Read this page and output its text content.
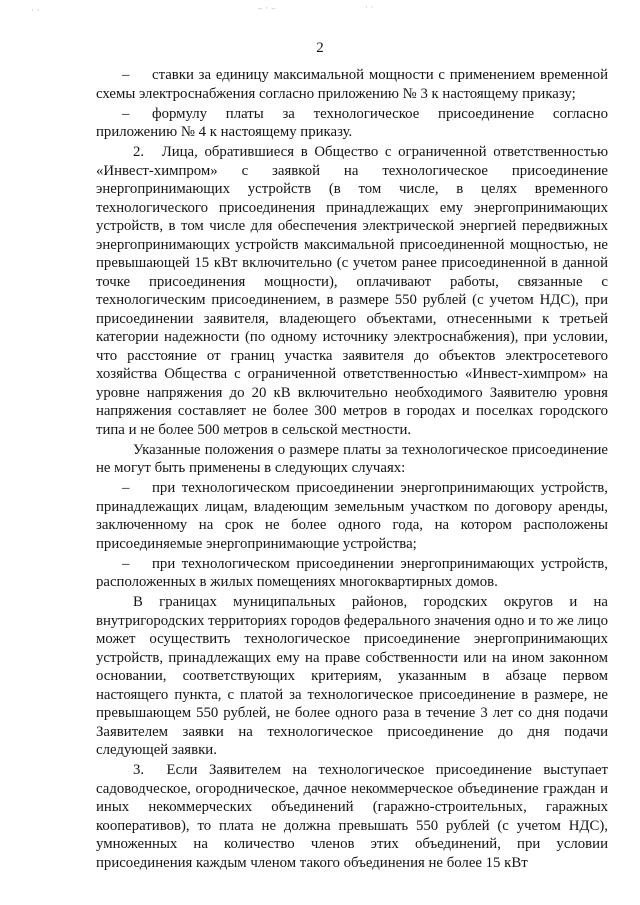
· ·	– · –	· ·
2

– ставки за единицу максимальной мощности с применением временной схемы электроснабжения согласно приложению № 3 к настоящему приказу;

– формулу платы за технологическое присоединение согласно приложению № 4 к настоящему приказу.

2. Лица, обратившиеся в Общество с ограниченной ответственностью «Инвест-химпром» с заявкой на технологическое присоединение энергопринимающих устройств (в том числе, в целях временного технологического присоединения принадлежащих ему энергопринимающих устройств, в том числе для обеспечения электрической энергией передвижных энергопринимающих устройств максимальной присоединенной мощностью, не превышающей 15 кВт включительно (с учетом ранее присоединенной в данной точке присоединения мощности), оплачивают работы, связанные с технологическим присоединением, в размере 550 рублей (с учетом НДС), при присоединении заявителя, владеющего объектами, отнесенными к третьей категории надежности (по одному источнику электроснабжения), при условии, что расстояние от границ участка заявителя до объектов электросетевого хозяйства Общества с ограниченной ответственностью «Инвест-химпром» на уровне напряжения до 20 кВ включительно необходимого Заявителю уровня напряжения составляет не более 300 метров в городах и поселках городского типа и не более 500 метров в сельской местности.

Указанные положения о размере платы за технологическое присоединение не могут быть применены в следующих случаях:

– при технологическом присоединении энергопринимающих устройств, принадлежащих лицам, владеющим земельным участком по договору аренды, заключенному на срок не более одного года, на котором расположены присоединяемые энергопринимающие устройства;

– при технологическом присоединении энергопринимающих устройств, расположенных в жилых помещениях многоквартирных домов.

В границах муниципальных районов, городских округов и на внутригородских территориях городов федерального значения одно и то же лицо может осуществить технологическое присоединение энергопринимающих устройств, принадлежащих ему на праве собственности или на ином законном основании, соответствующих критериям, указанным в абзаце первом настоящего пункта, с платой за технологическое присоединение в размере, не превышающем 550 рублей, не более одного раза в течение 3 лет со дня подачи Заявителем заявки на технологическое присоединение до дня подачи следующей заявки.

3. Если Заявителем на технологическое присоединение выступает садоводческое, огородническое, дачное некоммерческое объединение граждан и иных некоммерческих объединений (гаражно-строительных, гаражных кооперативов), то плата не должна превышать 550 рублей (с учетом НДС), умноженных на количество членов этих объединений, при условии присоединения каждым членом такого объединения не более 15 кВт
